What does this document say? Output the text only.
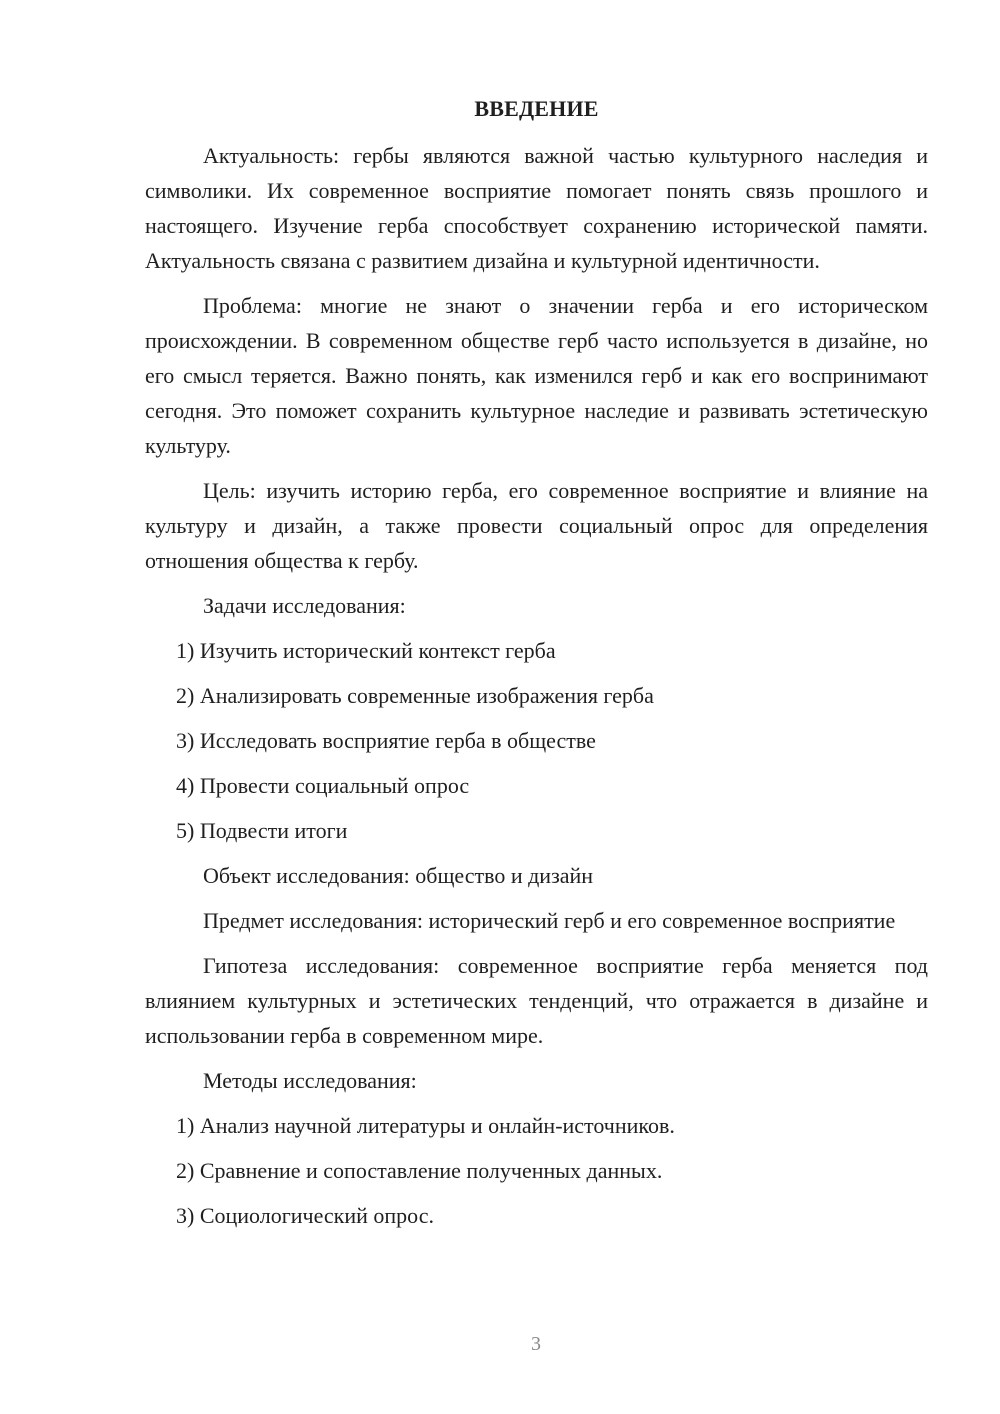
ВВЕДЕНИЕ

Актуальность: гербы являются важной частью культурного наследия и символики. Их современное восприятие помогает понять связь прошлого и настоящего. Изучение герба способствует сохранению исторической памяти. Актуальность связана с развитием дизайна и культурной идентичности.

Проблема: многие не знают о значении герба и его историческом происхождении. В современном обществе герб часто используется в дизайне, но его смысл теряется. Важно понять, как изменился герб и как его воспринимают сегодня. Это поможет сохранить культурное наследие и развивать эстетическую культуру.

Цель: изучить историю герба, его современное восприятие и влияние на культуру и дизайн, а также провести социальный опрос для определения отношения общества к гербу.

Задачи исследования:

1) Изучить исторический контекст герба

2) Анализировать современные изображения герба

3) Исследовать восприятие герба в обществе

4) Провести социальный опрос

5) Подвести итоги

Объект исследования: общество и дизайн

Предмет исследования: исторический герб и его современное восприятие

Гипотеза исследования: современное восприятие герба меняется под влиянием культурных и эстетических тенденций, что отражается в дизайне и использовании герба в современном мире.

Методы исследования:

1) Анализ научной литературы и онлайн-источников.

2) Сравнение и сопоставление полученных данных.

3) Социологический опрос.

3
